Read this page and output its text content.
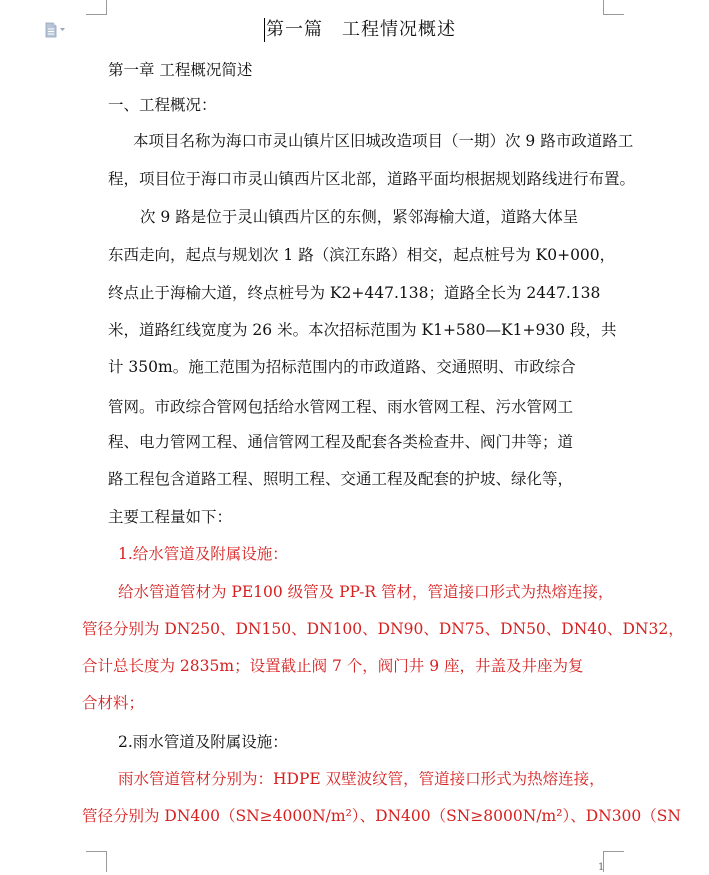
第一篇　工程情况概述
第一章 工程概况简述
一、工程概况：
本项目名称为海口市灵山镇片区旧城改造项目（一期）次 9 路市政道路工
程，项目位于海口市灵山镇西片区北部，道路平面均根据规划路线进行布置。
次 9 路是位于灵山镇西片区的东侧，紧邻海榆大道，道路大体呈
东西走向，起点与规划次 1 路（滨江东路）相交，起点桩号为 K0+000，
终点止于海榆大道，终点桩号为 K2+447.138；道路全长为 2447.138
米，道路红线宽度为 26 米。本次招标范围为 K1+580—K1+930 段，共
计 350m。施工范围为招标范围内的市政道路、交通照明、市政综合
管网。市政综合管网包括给水管网工程、雨水管网工程、污水管网工
程、电力管网工程、通信管网工程及配套各类检查井、阀门井等；道
路工程包含道路工程、照明工程、交通工程及配套的护坡、绿化等，
主要工程量如下：
1.给水管道及附属设施：
给水管道管材为 PE100 级管及 PP-R 管材，管道接口形式为热熔连接，
管径分别为 DN250、DN150、DN100、DN90、DN75、DN50、DN40、DN32，
合计总长度为 2835m；设置截止阀 7 个，阀门井 9 座，井盖及井座为复
合材料；
2.雨水管道及附属设施：
雨水管道管材分别为：HDPE 双壁波纹管，管道接口形式为热熔连接，
管径分别为 DN400（SN≥4000N/m²）、DN400（SN≥8000N/m²）、DN300（SN
1
